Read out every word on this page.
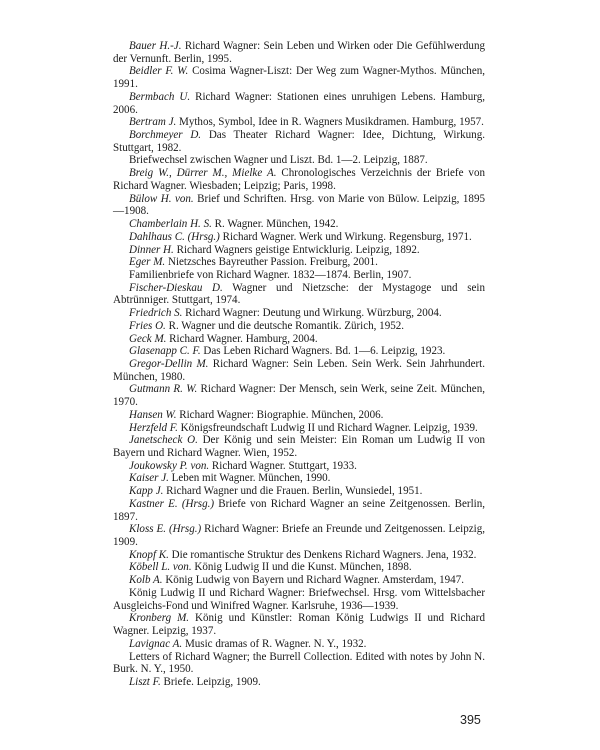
Bauer H.-J. Richard Wagner: Sein Leben und Wirken oder Die Gefühlwerdung der Vernunft. Berlin, 1995.

Beidler F. W. Cosima Wagner-Liszt: Der Weg zum Wagner-Mythos. München, 1991.

Bermbach U. Richard Wagner: Stationen eines unruhigen Lebens. Hamburg, 2006.

Bertram J. Mythos, Symbol, Idee in R. Wagners Musikdramen. Hamburg, 1957.

Borchmeyer D. Das Theater Richard Wagner: Idee, Dichtung, Wirkung. Stuttgart, 1982.

Briefwechsel zwischen Wagner und Liszt. Bd. 1—2. Leipzig, 1887.

Breig W., Dürrer M., Mielke A. Chronologisches Verzeichnis der Briefe von Richard Wagner. Wiesbaden; Leipzig; Paris, 1998.

Bülow H. von. Brief und Schriften. Hrsg. von Marie von Bülow. Leipzig, 1895—1908.

Chamberlain H. S. R. Wagner. München, 1942.

Dahlhaus C. (Hrsg.) Richard Wagner. Werk und Wirkung. Regensburg, 1971.

Dinner H. Richard Wagners geistige Entwicklurig. Leipzig, 1892.

Eger M. Nietzsches Bayreuther Passion. Freiburg, 2001.

Familienbriefe von Richard Wagner. 1832—1874. Berlin, 1907.

Fischer-Dieskau D. Wagner und Nietzsche: der Mystagoge und sein Abtrünniger. Stuttgart, 1974.

Friedrich S. Richard Wagner: Deutung und Wirkung. Würzburg, 2004.

Fries O. R. Wagner und die deutsche Romantik. Zürich, 1952.

Geck M. Richard Wagner. Hamburg, 2004.

Glasenapp C. F. Das Leben Richard Wagners. Bd. 1—6. Leipzig, 1923.

Gregor-Dellin M. Richard Wagner: Sein Leben. Sein Werk. Sein Jahrhundert. München, 1980.

Gutmann R. W. Richard Wagner: Der Mensch, sein Werk, seine Zeit. München, 1970.

Hansen W. Richard Wagner: Biographie. München, 2006.

Herzfeld F. Königsfreundschaft Ludwig II und Richard Wagner. Leipzig, 1939.

Janetscheck O. Der König und sein Meister: Ein Roman um Ludwig II von Bayern und Richard Wagner. Wien, 1952.

Joukowsky P. von. Richard Wagner. Stuttgart, 1933.

Kaiser J. Leben mit Wagner. München, 1990.

Kapp J. Richard Wagner und die Frauen. Berlin, Wunsiedel, 1951.

Kastner E. (Hrsg.) Briefe von Richard Wagner an seine Zeitgenossen. Berlin, 1897.

Kloss E. (Hrsg.) Richard Wagner: Briefe an Freunde und Zeitgenossen. Leipzig, 1909.

Knopf K. Die romantische Struktur des Denkens Richard Wagners. Jena, 1932.

Köbell L. von. König Ludwig II und die Kunst. München, 1898.

Kolb A. König Ludwig von Bayern und Richard Wagner. Amsterdam, 1947.

König Ludwig II und Richard Wagner: Briefwechsel. Hrsg. vom Wittelsbacher Ausgleichs-Fond und Winifred Wagner. Karlsruhe, 1936—1939.

Kronberg M. König und Künstler: Roman König Ludwigs II und Richard Wagner. Leipzig, 1937.

Lavignac A. Music dramas of R. Wagner. N. Y., 1932.

Letters of Richard Wagner; the Burrell Collection. Edited with notes by John N. Burk. N. Y., 1950.

Liszt F. Briefe. Leipzig, 1909.

395
